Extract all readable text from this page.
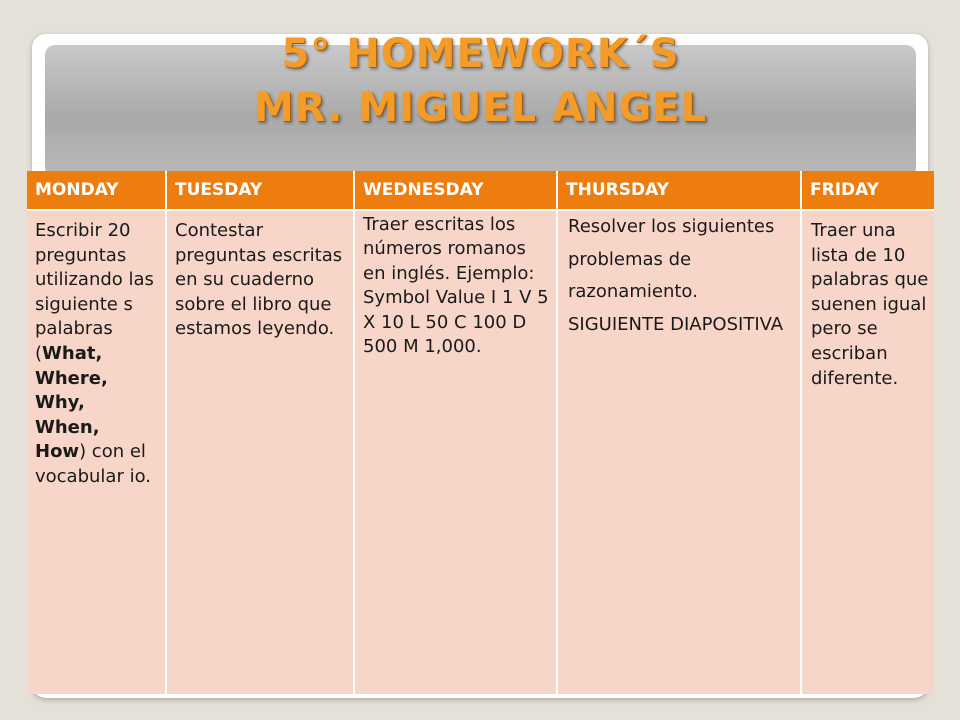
5° HOMEWORK´S
MR. MIGUEL ANGEL
MONDAY	TUESDAY	WEDNESDAY	THURSDAY	FRIDAY

Escribir 20 preguntas utilizando las siguiente s palabras (What,
Where,
Why,
When,
How) con el vocabular io.	Contestar preguntas escritas en su cuaderno sobre el libro que estamos leyendo.	Traer escritas los números romanos en inglés. Ejemplo: Symbol Value I 1 V 5 X 10 L 50 C 100 D 500 M 1,000.	Resolver los siguientes problemas de razonamiento. SIGUIENTE DIAPOSITIVA	Traer una lista de 10 palabras que suenen igual pero se escriban diferente.
